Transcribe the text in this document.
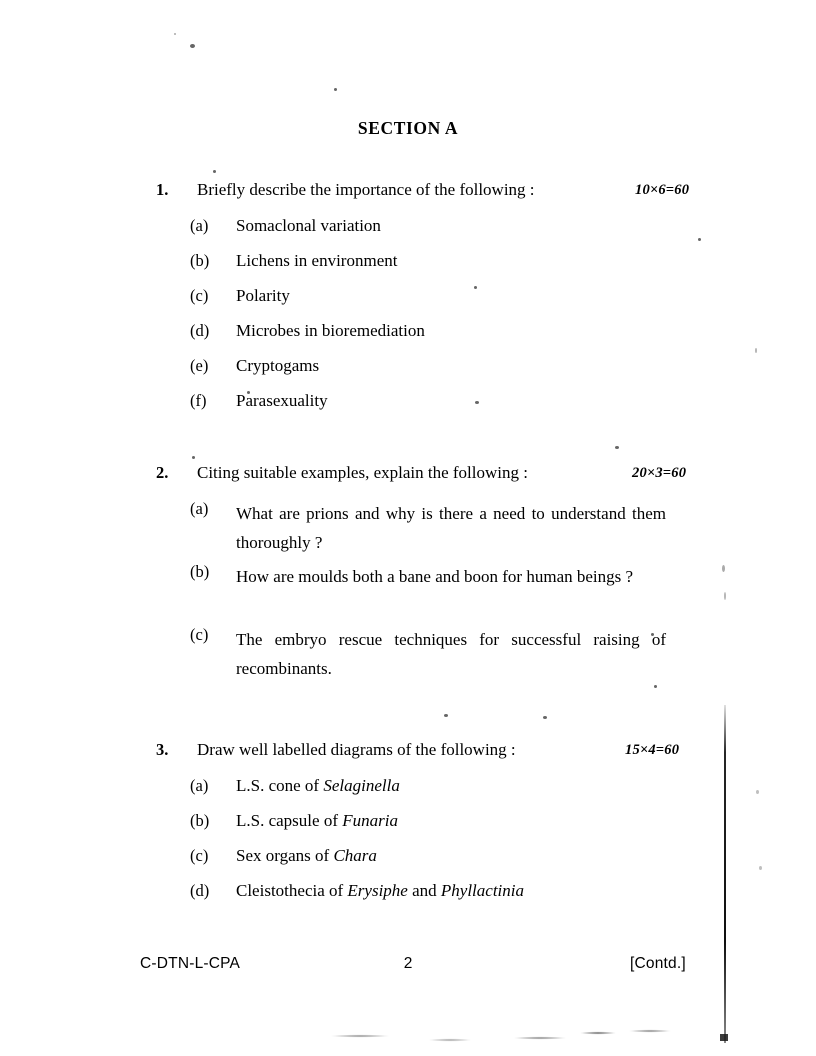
SECTION A
1. Briefly describe the importance of the following :	10×6=60
(a) Somaclonal variation
(b) Lichens in environment
(c) Polarity
(d) Microbes in bioremediation
(e) Cryptogams
(f) Parasexuality
2. Citing suitable examples, explain the following :	20×3=60
(a) What are prions and why is there a need to understand them thoroughly ?
(b) How are moulds both a bane and boon for human beings ?
(c) The embryo rescue techniques for successful raising of recombinants.
3. Draw well labelled diagrams of the following :	15×4=60
(a) L.S. cone of Selaginella
(b) L.S. capsule of Funaria
(c) Sex organs of Chara
(d) Cleistothecia of Erysiphe and Phyllactinia
C-DTN-L-CPA	2	[Contd.]
